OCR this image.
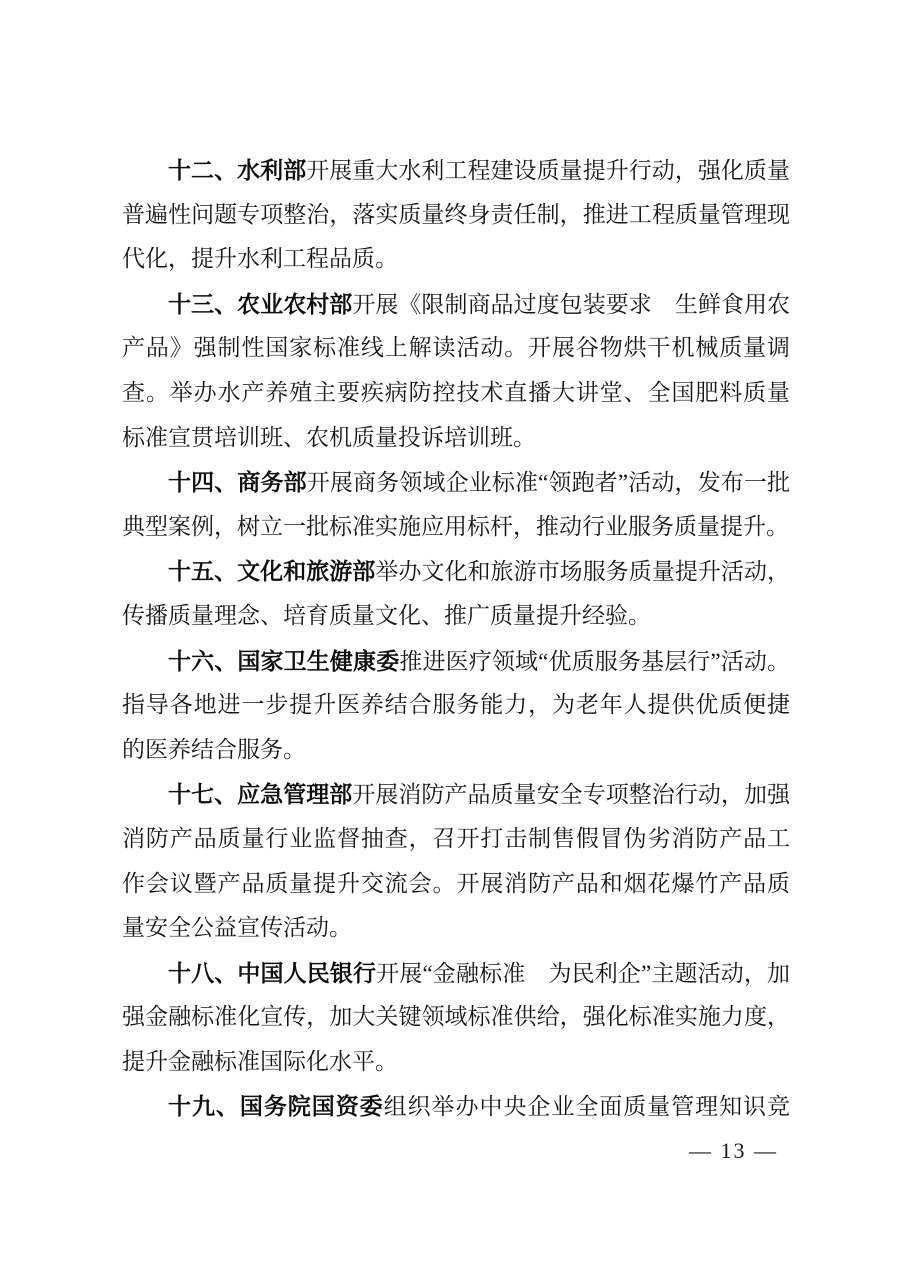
十二、水利部开展重大水利工程建设质量提升行动，强化质量
普遍性问题专项整治，落实质量终身责任制，推进工程质量管理现
代化，提升水利工程品质。
十三、农业农村部开展《限制商品过度包装要求　生鲜食用农
产品》强制性国家标准线上解读活动。开展谷物烘干机械质量调
查。举办水产养殖主要疾病防控技术直播大讲堂、全国肥料质量
标准宣贯培训班、农机质量投诉培训班。
十四、商务部开展商务领域企业标准“领跑者”活动，发布一批
典型案例，树立一批标准实施应用标杆，推动行业服务质量提升。
十五、文化和旅游部举办文化和旅游市场服务质量提升活动，
传播质量理念、培育质量文化、推广质量提升经验。
十六、国家卫生健康委推进医疗领域“优质服务基层行”活动。
指导各地进一步提升医养结合服务能力，为老年人提供优质便捷
的医养结合服务。
十七、应急管理部开展消防产品质量安全专项整治行动，加强
消防产品质量行业监督抽查，召开打击制售假冒伪劣消防产品工
作会议暨产品质量提升交流会。开展消防产品和烟花爆竹产品质
量安全公益宣传活动。
十八、中国人民银行开展“金融标准　为民利企”主题活动，加
强金融标准化宣传，加大关键领域标准供给，强化标准实施力度，
提升金融标准国际化水平。
十九、国务院国资委组织举办中央企业全面质量管理知识竞
— 13 —
